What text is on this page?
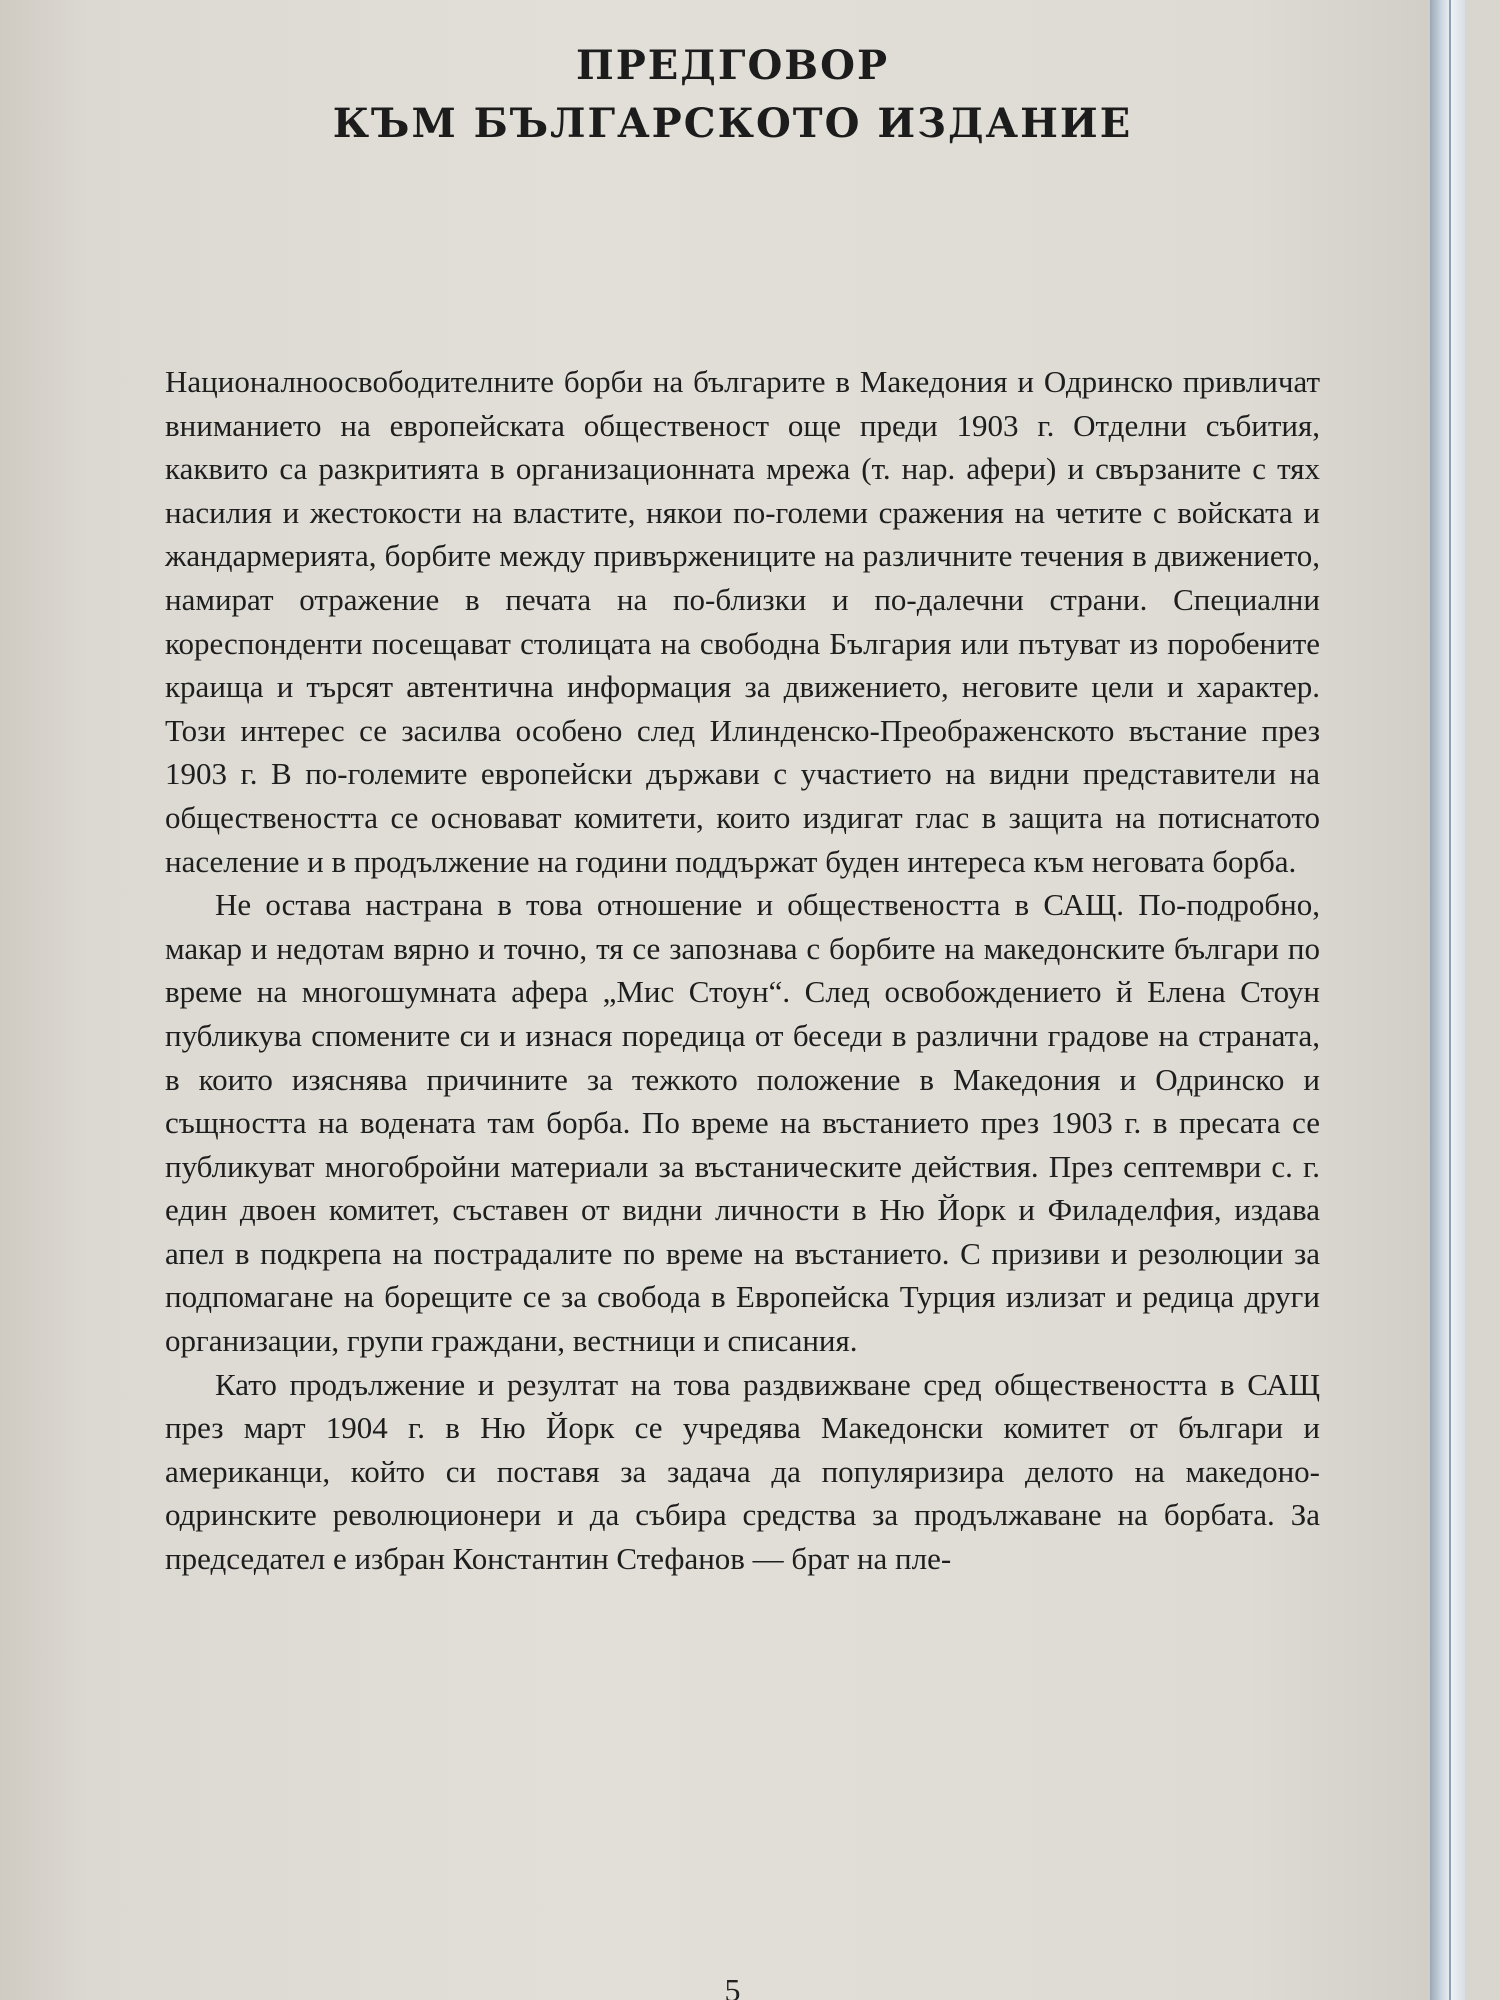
ПРЕДГОВОР
КЪМ БЪЛГАРСКОТО ИЗДАНИЕ

Националноосвободителните борби на българите в Македония и Одринско привличат вниманието на европейската общественост още преди 1903 г. Отделни събития, каквито са разкритията в организационната мрежа (т. нар. афери) и свързаните с тях насилия и жестокости на властите, някои по-големи сражения на четите с войската и жандармерията, борбите между привържениците на различните течения в движението, намират отражение в печата на по-близки и по-далечни страни. Специални кореспонденти посещават столицата на свободна България или пътуват из поробените краища и търсят автентична информация за движението, неговите цели и характер. Този интерес се засилва особено след Илинденско-Преображенското въстание през 1903 г. В по-големите европейски държави с участието на видни представители на обществеността се основават комитети, които издигат глас в защита на потиснатото население и в продължение на години поддържат буден интереса към неговата борба.

Не остава настрана в това отношение и обществеността в САЩ. По-подробно, макар и недотам вярно и точно, тя се запознава с борбите на македонските българи по време на многошумната афера „Мис Стоун“. След освобождението й Елена Стоун публикува спомените си и изнася поредица от беседи в различни градове на страната, в които изяснява причините за тежкото положение в Македония и Одринско и същността на водената там борба. По време на въстанието през 1903 г. в пресата се публикуват многобройни материали за въстаническите действия. През септември с. г. един двоен комитет, съставен от видни личности в Ню Йорк и Филаделфия, издава апел в подкрепа на пострадалите по време на въстанието. С призиви и резолюции за подпомагане на борещите се за свобода в Европейска Турция излизат и редица други организации, групи граждани, вестници и списания.

Като продължение и резултат на това раздвижване сред обществеността в САЩ през март 1904 г. в Ню Йорк се учредява Македонски комитет от българи и американци, който си поставя за задача да популяризира делото на македоно-одринските революционери и да събира средства за продължаване на борбата. За председател е избран Константин Стефанов — брат на пле-

5
